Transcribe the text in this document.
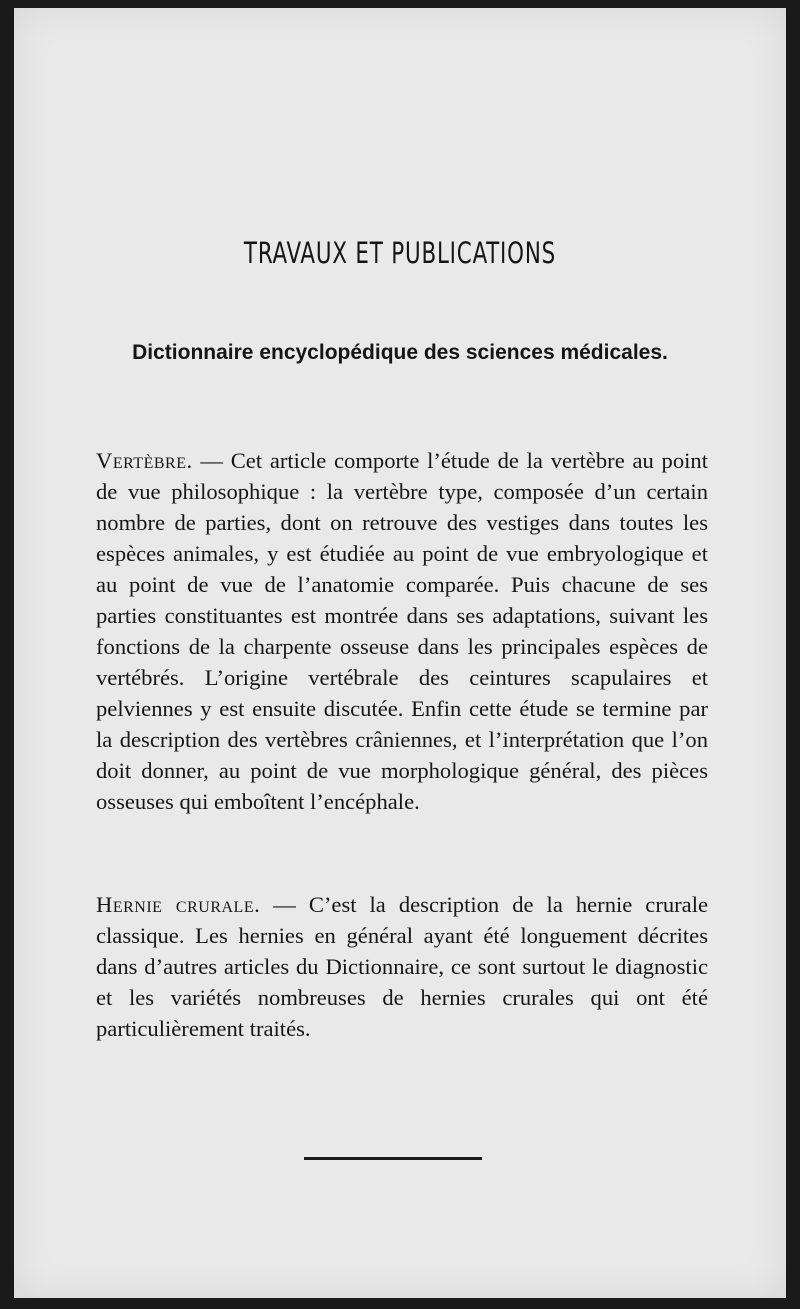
TRAVAUX ET PUBLICATIONS
Dictionnaire encyclopédique des sciences médicales.
Vertèbre. — Cet article comporte l’étude de la vertèbre au point de vue philosophique : la vertèbre type, composée d’un certain nombre de parties, dont on retrouve des vestiges dans toutes les espèces animales, y est étudiée au point de vue embryologique et au point de vue de l’anatomie comparée. Puis chacune de ses parties constituantes est montrée dans ses adaptations, suivant les fonctions de la charpente osseuse dans les principales espèces de vertébrés. L’origine vertébrale des ceintures scapulaires et pelviennes y est ensuite discutée. Enfin cette étude se termine par la description des vertèbres crâniennes, et l’interprétation que l’on doit donner, au point de vue morphologique général, des pièces osseuses qui emboîtent l’encéphale.
Hernie crurale. — C’est la description de la hernie crurale classique. Les hernies en général ayant été longuement décrites dans d’autres articles du Dictionnaire, ce sont surtout le diagnostic et les variétés nombreuses de hernies crurales qui ont été particulièrement traités.
